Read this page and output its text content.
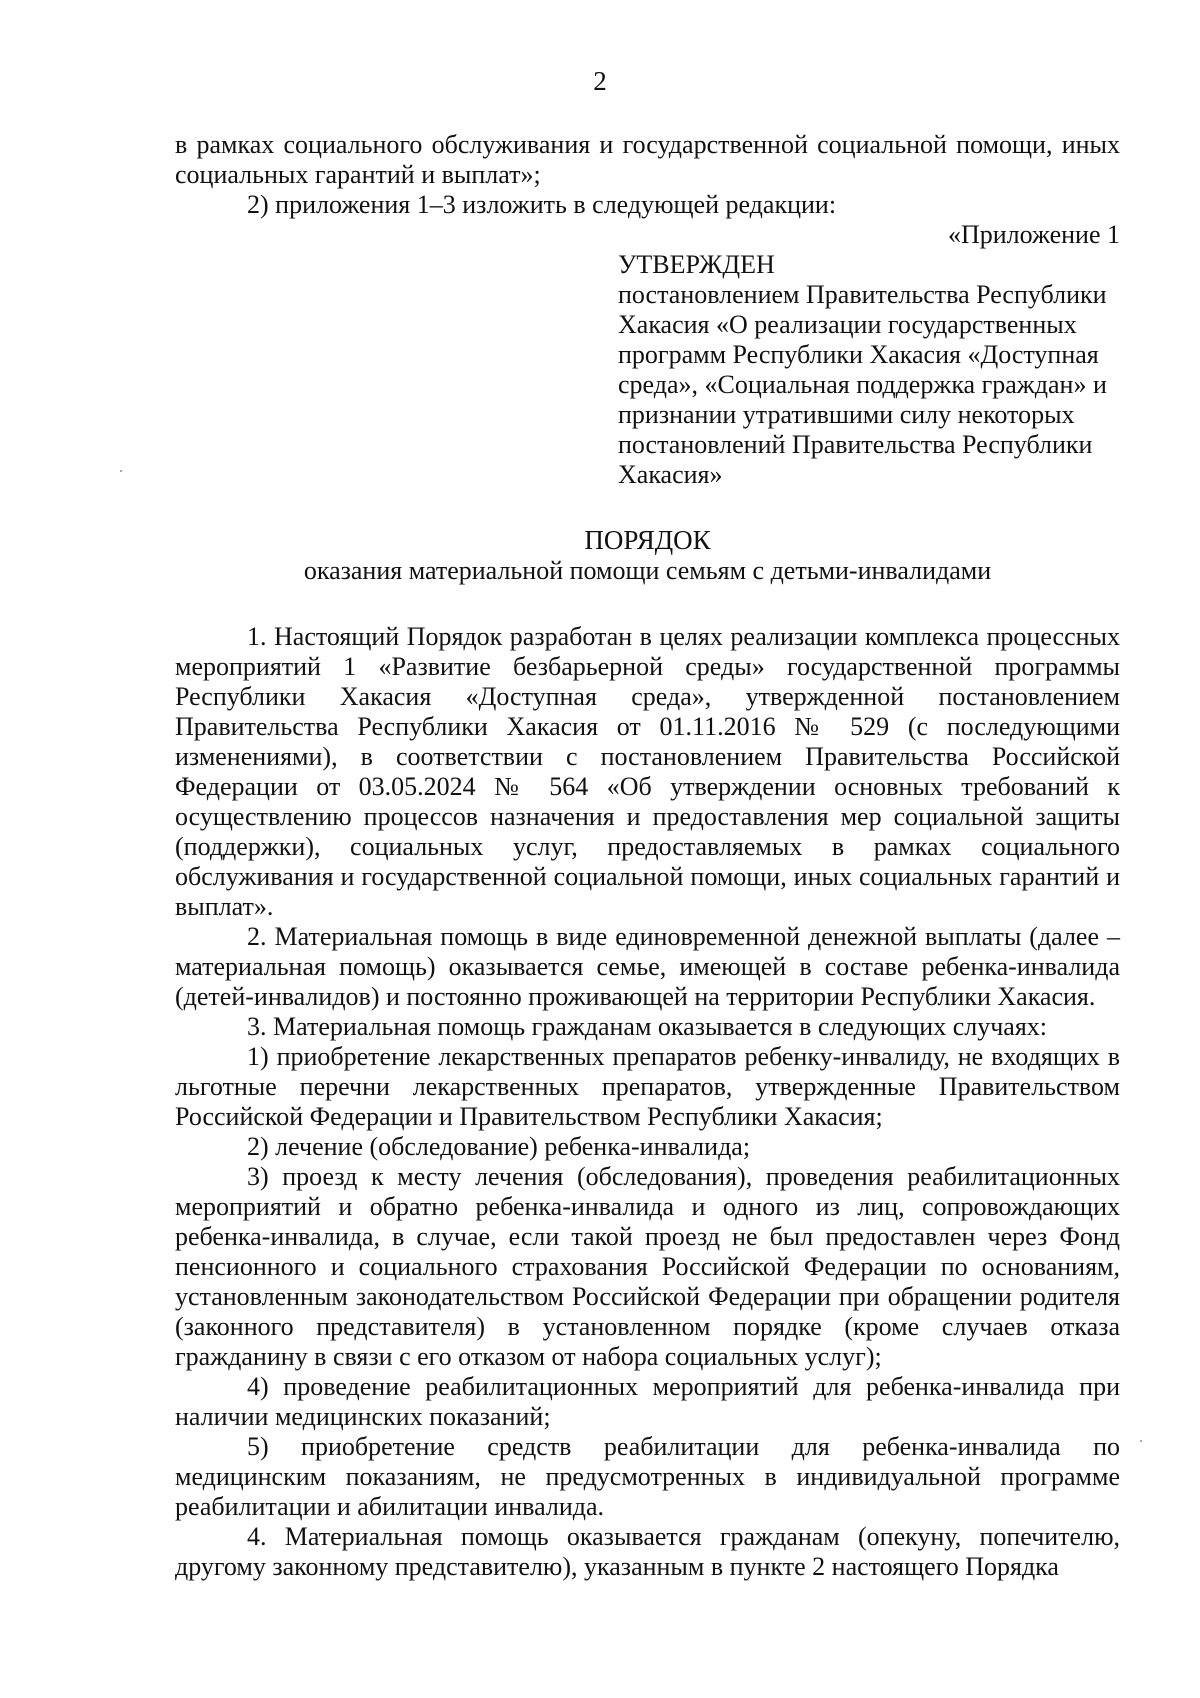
2

в рамках социального обслуживания и государственной социальной помощи, иных социальных гарантий и выплат»;

2) приложения 1–3 изложить в следующей редакции:

«Приложение 1

УТВЕРЖДЕН
постановлением Правительства Республики Хакасия «О реализации государственных программ Республики Хакасия «Доступная среда», «Социальная поддержка граждан» и признании утратившими силу некоторых постановлений Правительства Республики Хакасия»
ПОРЯДОК
оказания материальной помощи семьям с детьми-инвалидами

1. Настоящий Порядок разработан в целях реализации комплекса процессных мероприятий 1 «Развитие безбарьерной среды» государственной программы Республики Хакасия «Доступная среда», утвержденной постановлением Правительства Республики Хакасия от 01.11.2016 № 529 (с последующими изменениями), в соответствии с постановлением Правительства Российской Федерации от 03.05.2024 № 564 «Об утверждении основных требований к осуществлению процессов назначения и предоставления мер социальной защиты (поддержки), социальных услуг, предоставляемых в рамках социального обслуживания и государственной социальной помощи, иных социальных гарантий и выплат».

2. Материальная помощь в виде единовременной денежной выплаты (далее – материальная помощь) оказывается семье, имеющей в составе ребенка-инвалида (детей-инвалидов) и постоянно проживающей на территории Республики Хакасия.

3. Материальная помощь гражданам оказывается в следующих случаях:

1) приобретение лекарственных препаратов ребенку-инвалиду, не входящих в льготные перечни лекарственных препаратов, утвержденные Правительством Российской Федерации и Правительством Республики Хакасия;

2) лечение (обследование) ребенка-инвалида;

3) проезд к месту лечения (обследования), проведения реабилитационных мероприятий и обратно ребенка-инвалида и одного из лиц, сопровождающих ребенка-инвалида, в случае, если такой проезд не был предоставлен через Фонд пенсионного и социального страхования Российской Федерации по основаниям, установленным законодательством Российской Федерации при обращении родителя (законного представителя) в установленном порядке (кроме случаев отказа гражданину в связи с его отказом от набора социальных услуг);

4) проведение реабилитационных мероприятий для ребенка-инвалида при наличии медицинских показаний;

5) приобретение средств реабилитации для ребенка-инвалида по медицинским показаниям, не предусмотренных в индивидуальной программе реабилитации и абилитации инвалида.

4. Материальная помощь оказывается гражданам (опекуну, попечителю, другому законному представителю), указанным в пункте 2 настоящего Порядка
